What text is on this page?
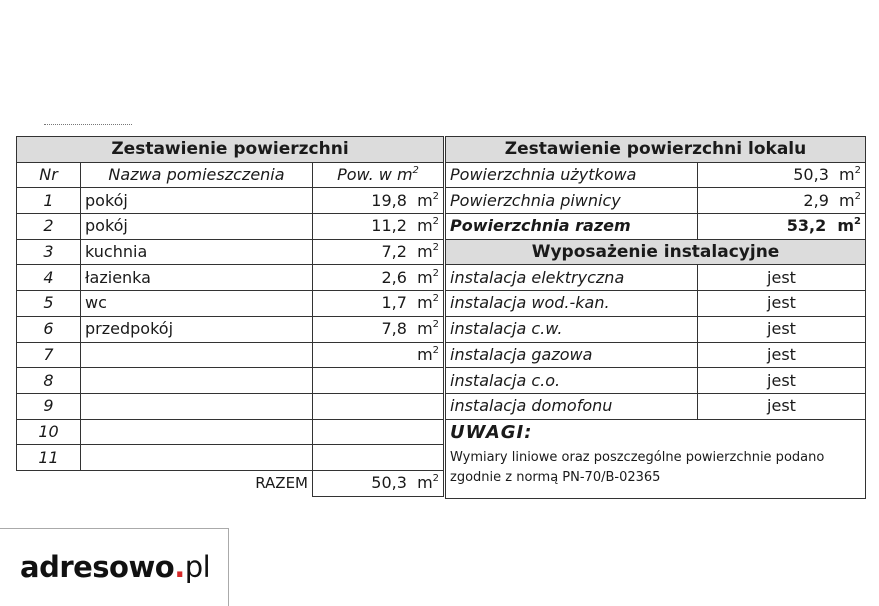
Zestawienie powierzchni		
Nr	Nazwa pomieszczenia	Pow. w $m^2$
1	pokój	19,8 $m^2$
2	pokój	11,2 $m^2$
3	kuchnia	7,2 $m^2$
4	łazienka	2,6 $m^2$
5	wc	1,7 $m^2$
6	przedpokój	7,8 $m^2$
7		$m^2$
8		
9		
10		
11		
	RAZEM	50,3 $m^2$
Zestawienie powierzchni lokalu	
Powierzchnia użytkowa	50,3 $m^2$
Powierzchnia piwnicy	2,9 $m^2$
Powierzchnia razem	53,2 $m^2$
Wyposażenie instalacyjne	
instalacja elektryczna	jest
instalacja wod.-kan.	jest
instalacja c.w.	jest
instalacja gazowa	jest
instalacja c.o.	jest
instalacja domofonu	jest

UWAGI:
Wymiary liniowe oraz poszczególne powierzchnie podano zgodnie z normą PN-70/B-02365	
adresowo.pl
